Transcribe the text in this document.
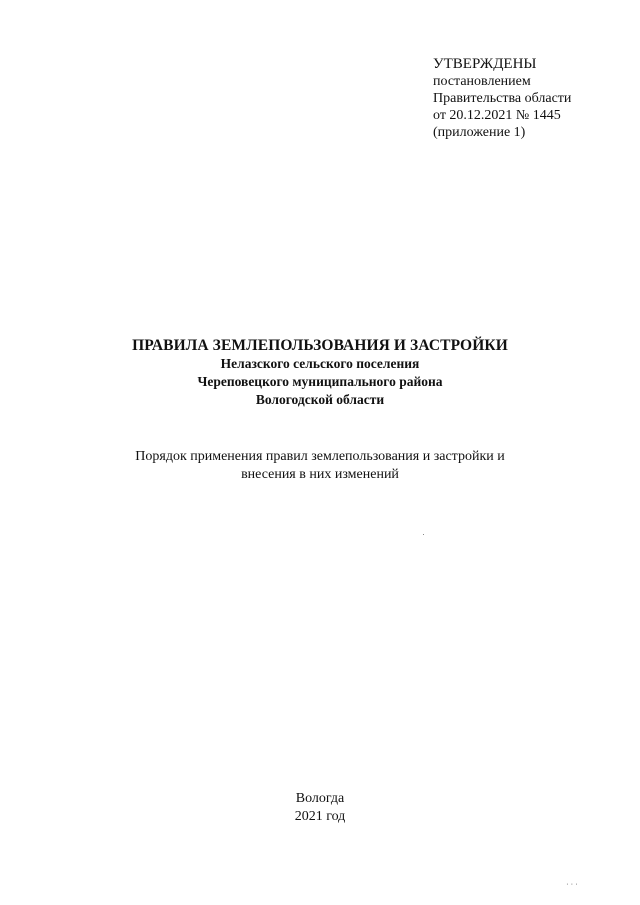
УТВЕРЖДЕНЫ
постановлением
Правительства области
от 20.12.2021 № 1445
(приложение 1)
ПРАВИЛА ЗЕМЛЕПОЛЬЗОВАНИЯ И ЗАСТРОЙКИ
Нелазского сельского поселения
Череповецкого муниципального района
Вологодской области
Порядок применения правил землепользования и застройки и
внесения в них изменений
Вологда
2021 год
⋅⋅⋅
